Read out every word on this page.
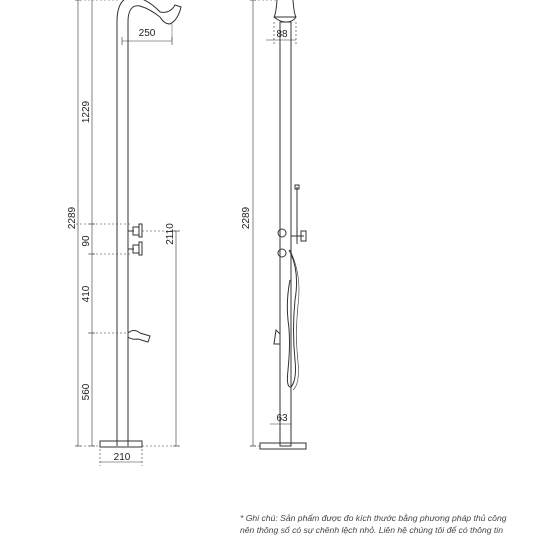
250
1229
2289
90
410
560
2110
210
88
2289
63
* Ghi chú: Sản phẩm được đo kích thước bằng phương pháp thủ công
nên thông số có sự chênh lệch nhỏ. Liên hệ chúng tôi để có thông tin
